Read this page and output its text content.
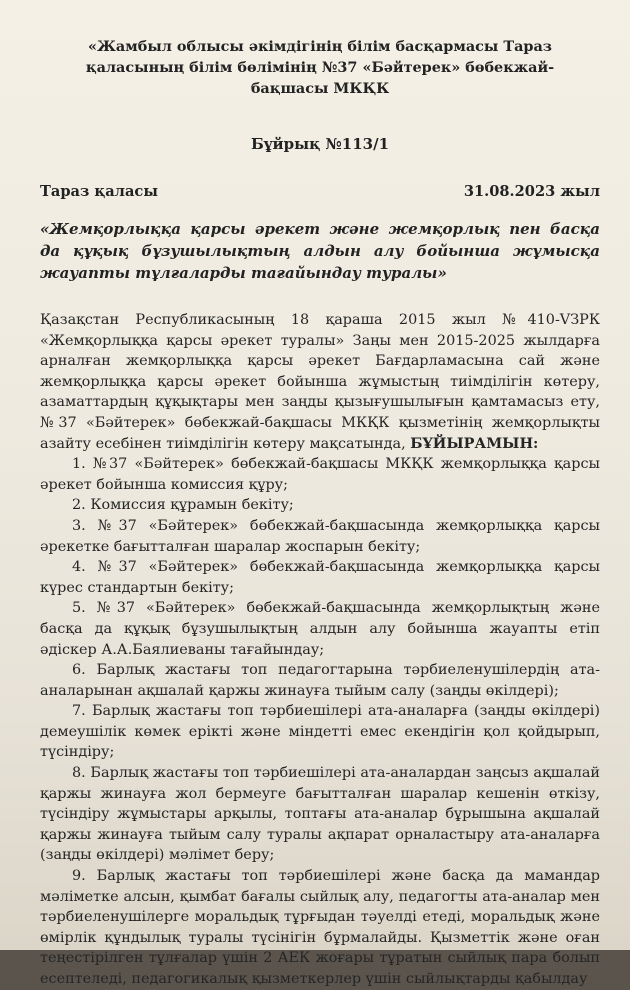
«Жамбыл облысы әкімдігінің білім басқармасы Тараз қаласының білім бөлімінің №37 «Бәйтерек» бөбекжай-бақшасы МКҚК
Бұйрық №113/1
Тараз қаласы	31.08.2023 жыл
«Жемқорлыққа қарсы әрекет және жемқорлық пен басқа да құқық бұзушылықтың алдын алу бойынша жұмысқа жауапты тұлғаларды тағайындау туралы»

Қазақстан Республикасының 18 қараша 2015 жыл №410-VЗРК «Жемқорлыққа қарсы әрекет туралы» Заңы мен 2015-2025 жылдарға арналған жемқорлыққа қарсы әрекет Бағдарламасына сай және жемқорлыққа қарсы әрекет бойынша жұмыстың тиімділігін көтеру, азаматтардың құқықтары мен заңды қызығушылығын қамтамасыз ету, №37 «Бәйтерек» бөбекжай-бақшасы МКҚК қызметінің жемқорлықты азайту есебінен тиімділігін көтеру мақсатында, БҰЙЫРАМЫН:

1. №37 «Бәйтерек» бөбекжай-бақшасы МКҚК жемқорлыққа қарсы әрекет бойынша комиссия құру;
2. Комиссия құрамын бекіту;
3. №37 «Бәйтерек» бөбекжай-бақшасында жемқорлыққа қарсы әрекетке бағытталған шаралар жоспарын бекіту;
4. №37 «Бәйтерек» бөбекжай-бақшасында жемқорлыққа қарсы күрес стандартын бекіту;
5. №37 «Бәйтерек» бөбекжай-бақшасында жемқорлықтың және басқа да құқық бұзушылықтың алдын алу бойынша жауапты етіп әдіскер А.А.Баялиеваны тағайындау;
6. Барлық жастағы топ педагогтарына тәрбиеленушілердің ата-аналарынан ақшалай қаржы жинауға тыйым салу (заңды өкілдері);
7. Барлық жастағы топ тәрбиешілері ата-аналарға (заңды өкілдері) демеушілік көмек ерікті және міндетті емес екендігін қол қойдырып, түсіндіру;
8. Барлық жастағы топ тәрбиешілері ата-аналардан заңсыз ақшалай қаржы жинауға жол бермеуге бағытталған шаралар кешенін өткізу, түсіндіру жұмыстары арқылы, топтағы ата-аналар бұрышына ақшалай қаржы жинауға тыйым салу туралы ақпарат орналастыру ата-аналарға (заңды өкілдері) мәлімет беру;
9. Барлық жастағы топ тәрбиешілері және басқа да мамандар мәліметке алсын, қымбат бағалы сыйлық алу, педагогты ата-аналар мен тәрбиеленушілерге моральдық тұрғыдан тәуелді етеді, моральдық және өмірлік құндылық туралы түсінігін бұрмалайды. Қызметтік және оған теңестірілген тұлғалар үшін 2 АЕК жоғары тұратын сыйлық пара болып есептеледі, педагогикалық қызметкерлер үшін сыйлықтарды қабылдау
